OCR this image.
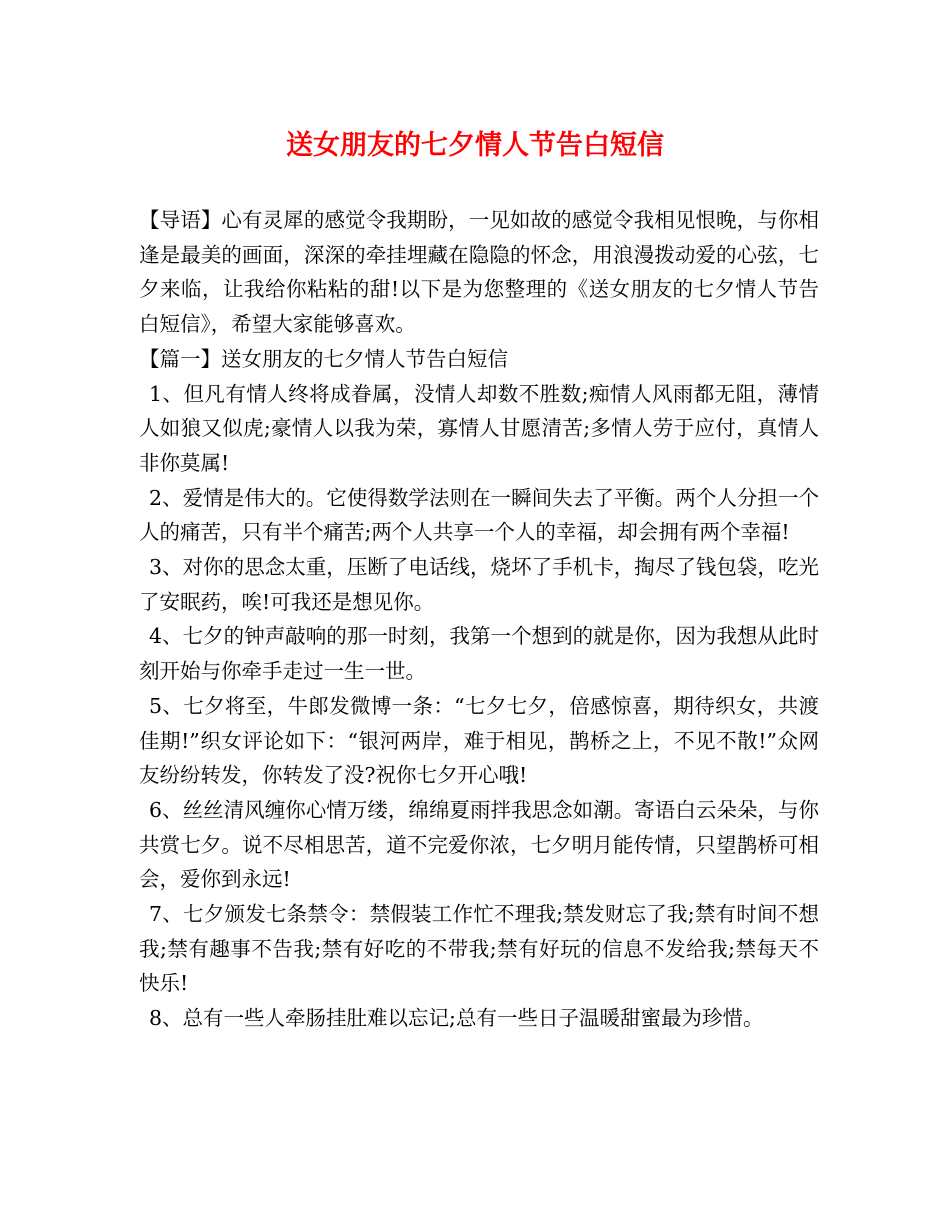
送女朋友的七夕情人节告白短信

【导语】心有灵犀的感觉令我期盼，一见如故的感觉令我相见恨晚，与你相逢是最美的画面，深深的牵挂埋藏在隐隐的怀念，用浪漫拨动爱的心弦，七夕来临，让我给你粘粘的甜!以下是为您整理的《送女朋友的七夕情人节告白短信》，希望大家能够喜欢。

【篇一】送女朋友的七夕情人节告白短信

1、但凡有情人终将成眷属，没情人却数不胜数;痴情人风雨都无阻，薄情人如狼又似虎;豪情人以我为荣，寡情人甘愿清苦;多情人劳于应付，真情人非你莫属!

2、爱情是伟大的。它使得数学法则在一瞬间失去了平衡。两个人分担一个人的痛苦，只有半个痛苦;两个人共享一个人的幸福，却会拥有两个幸福!

3、对你的思念太重，压断了电话线，烧坏了手机卡，掏尽了钱包袋，吃光了安眠药，唉!可我还是想见你。

4、七夕的钟声敲响的那一时刻，我第一个想到的就是你，因为我想从此时刻开始与你牵手走过一生一世。

5、七夕将至，牛郎发微博一条：“七夕七夕，倍感惊喜，期待织女，共渡佳期!”织女评论如下：“银河两岸，难于相见，鹊桥之上，不见不散!”众网友纷纷转发，你转发了没?祝你七夕开心哦!

6、丝丝清风缠你心情万缕，绵绵夏雨拌我思念如潮。寄语白云朵朵，与你共赏七夕。说不尽相思苦，道不完爱你浓，七夕明月能传情，只望鹊桥可相会，爱你到永远!

7、七夕颁发七条禁令：禁假装工作忙不理我;禁发财忘了我;禁有时间不想我;禁有趣事不告我;禁有好吃的不带我;禁有好玩的信息不发给我;禁每天不快乐!

8、总有一些人牵肠挂肚难以忘记;总有一些日子温暖甜蜜最为珍惜。
